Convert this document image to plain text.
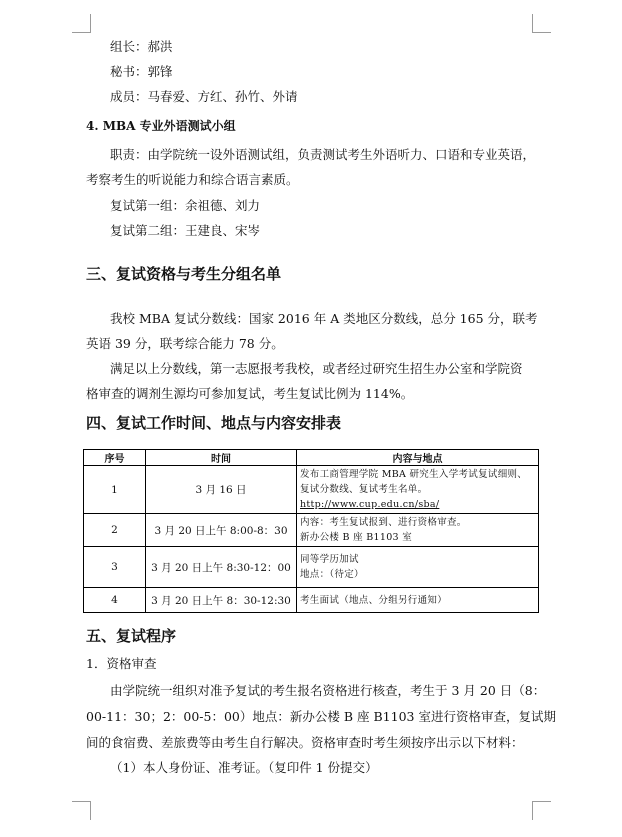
组长：郝洪
秘书：郭锋
成员：马春爱、方红、孙竹、外请
4. MBA 专业外语测试小组
职责：由学院统一设外语测试组，负责测试考生外语听力、口语和专业英语，
考察考生的听说能力和综合语言素质。
复试第一组：余祖德、刘力
复试第二组：王建良、宋岑
三、复试资格与考生分组名单
我校 MBA 复试分数线：国家 2016 年 A 类地区分数线，总分 165 分，联考
英语 39 分，联考综合能力 78 分。
满足以上分数线，第一志愿报考我校，或者经过研究生招生办公室和学院资
格审查的调剂生源均可参加复试，考生复试比例为 114%。
四、复试工作时间、地点与内容安排表
序号	时间	内容与地点
1	3 月 16 日	发布工商管理学院 MBA 研究生入学考试复试细则、
复试分数线、复试考生名单。
http://www.cup.edu.cn/sba/

2	3 月 20 日上午 8:00-8：30	内容：考生复试报到、进行资格审查。
新办公楼 B 座 B1103 室

3	3 月 20 日上午 8:30-12：00	同等学历加试
地点：（待定）

4	3 月 20 日上午 8：30-12:30	考生面试（地点、分组另行通知）
五、复试程序
1．资格审查
由学院统一组织对准予复试的考生报名资格进行核查，考生于 3 月 20 日（8：
00-11：30；2：00-5：00）地点：新办公楼 B 座 B1103 室进行资格审查，复试期
间的食宿费、差旅费等由考生自行解决。资格审查时考生须按序出示以下材料：
（1）本人身份证、准考证。（复印件 1 份提交）
